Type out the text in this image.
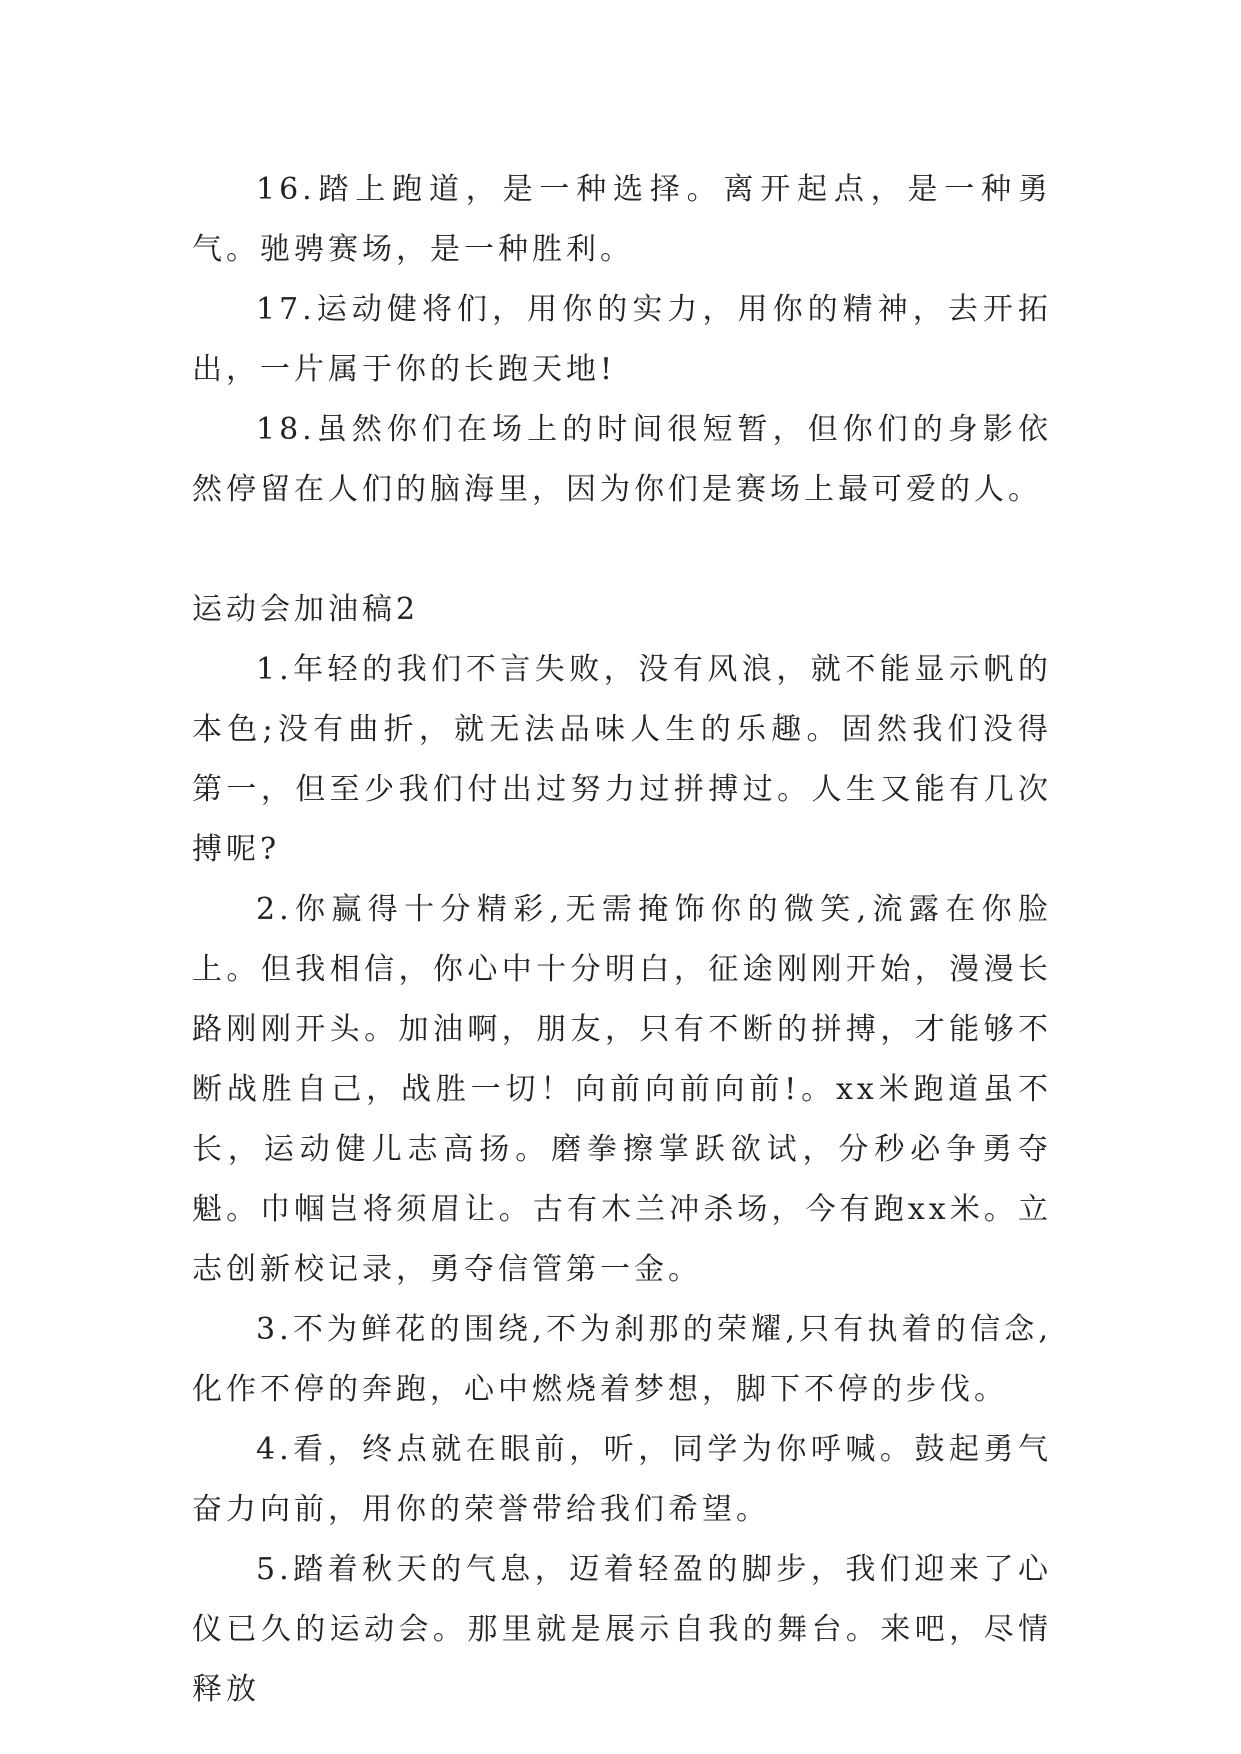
16.踏上跑道，是一种选择。离开起点，是一种勇气。驰骋赛场，是一种胜利。

17.运动健将们，用你的实力，用你的精神，去开拓出，一片属于你的长跑天地!

18.虽然你们在场上的时间很短暂，但你们的身影依然停留在人们的脑海里，因为你们是赛场上最可爱的人。

运动会加油稿2

1.年轻的我们不言失败，没有风浪，就不能显示帆的本色;没有曲折，就无法品味人生的乐趣。固然我们没得第一，但至少我们付出过努力过拼搏过。人生又能有几次搏呢?

2.你赢得十分精彩,无需掩饰你的微笑,流露在你脸上。但我相信，你心中十分明白，征途刚刚开始，漫漫长路刚刚开头。加油啊，朋友，只有不断的拼搏，才能够不断战胜自己，战胜一切！向前向前向前!。xx米跑道虽不长，运动健儿志高扬。磨拳擦掌跃欲试，分秒必争勇夺魁。巾帼岂将须眉让。古有木兰冲杀场，今有跑xx米。立志创新校记录，勇夺信管第一金。

3.不为鲜花的围绕,不为刹那的荣耀,只有执着的信念,化作不停的奔跑，心中燃烧着梦想，脚下不停的步伐。

4.看，终点就在眼前，听，同学为你呼喊。鼓起勇气奋力向前，用你的荣誉带给我们希望。

5.踏着秋天的气息，迈着轻盈的脚步，我们迎来了心仪已久的运动会。那里就是展示自我的舞台。来吧，尽情释放
